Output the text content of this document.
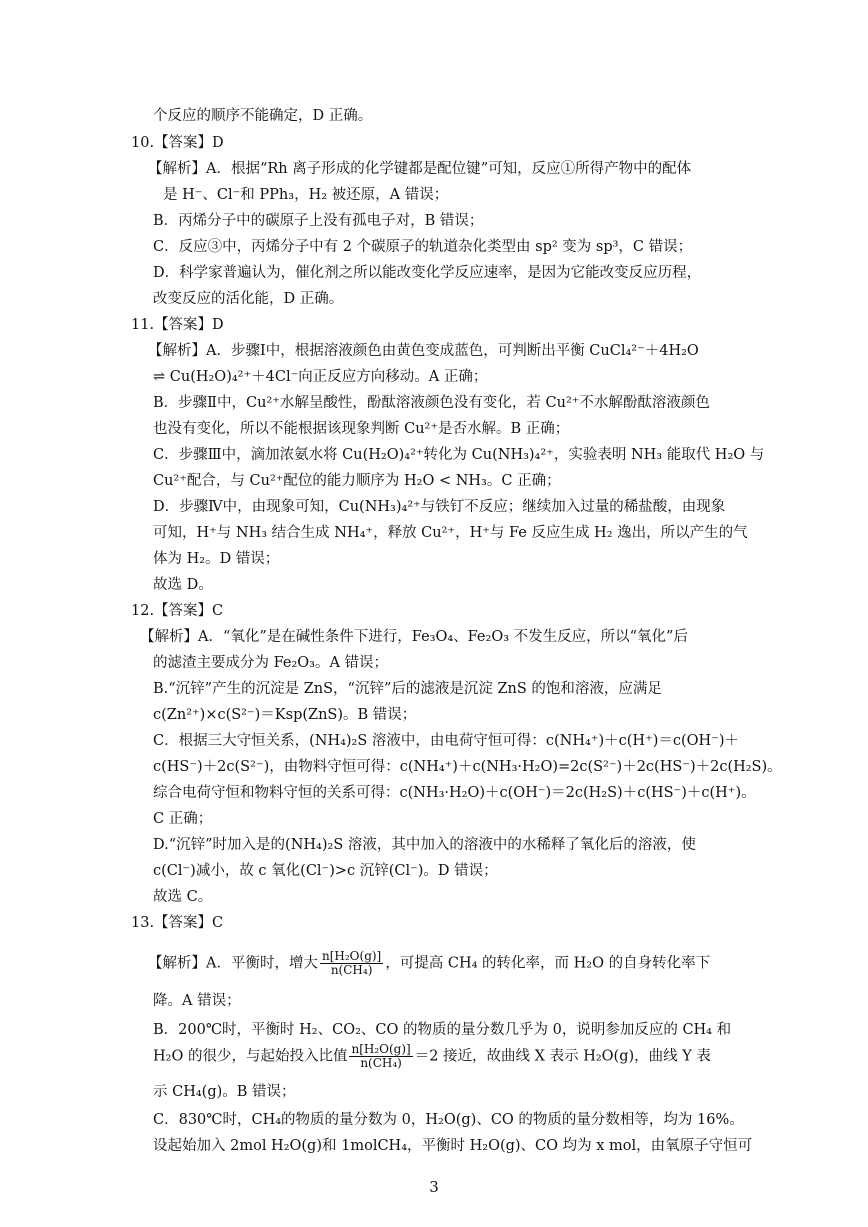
个反应的顺序不能确定，D 正确。
10.【答案】D
【解析】A．根据“Rh 离子形成的化学键都是配位键”可知，反应①所得产物中的配体
是 H⁻、Cl⁻和 PPh₃，H₂ 被还原，A 错误；
B．丙烯分子中的碳原子上没有孤电子对，B 错误；
C．反应③中，丙烯分子中有 2 个碳原子的轨道杂化类型由 sp² 变为 sp³，C 错误；
D．科学家普遍认为，催化剂之所以能改变化学反应速率，是因为它能改变反应历程，
改变反应的活化能，D 正确。
11.【答案】D
【解析】A．步骤Ⅰ中，根据溶液颜色由黄色变成蓝色，可判断出平衡 CuCl₄²⁻＋4H₂O
⇌ Cu(H₂O)₄²⁺＋4Cl⁻向正反应方向移动。A 正确；
B．步骤Ⅱ中，Cu²⁺水解呈酸性，酚酞溶液颜色没有变化，若 Cu²⁺不水解酚酞溶液颜色
也没有变化，所以不能根据该现象判断 Cu²⁺是否水解。B 正确；
C．步骤Ⅲ中，滴加浓氨水将 Cu(H₂O)₄²⁺转化为 Cu(NH₃)₄²⁺，实验表明 NH₃ 能取代 H₂O 与
Cu²⁺配合，与 Cu²⁺配位的能力顺序为 H₂O < NH₃。C 正确；
D．步骤Ⅳ中，由现象可知，Cu(NH₃)₄²⁺与铁钉不反应；继续加入过量的稀盐酸，由现象
可知，H⁺与 NH₃ 结合生成 NH₄⁺，释放 Cu²⁺，H⁺与 Fe 反应生成 H₂ 逸出，所以产生的气
体为 H₂。D 错误；
故选 D。
12.【答案】C
【解析】A．“氧化”是在碱性条件下进行，Fe₃O₄、Fe₂O₃ 不发生反应，所以“氧化”后
的滤渣主要成分为 Fe₂O₃。A 错误；
B.“沉锌”产生的沉淀是 ZnS，“沉锌”后的滤液是沉淀 ZnS 的饱和溶液，应满足
c(Zn²⁺)×c(S²⁻)＝Ksp(ZnS)。B 错误；
C．根据三大守恒关系，(NH₄)₂S 溶液中，由电荷守恒可得：c(NH₄⁺)＋c(H⁺)＝c(OH⁻)＋
c(HS⁻)＋2c(S²⁻)，由物料守恒可得：c(NH₄⁺)＋c(NH₃·H₂O)=2c(S²⁻)＋2c(HS⁻)＋2c(H₂S)。
综合电荷守恒和物料守恒的关系可得：c(NH₃·H₂O)＋c(OH⁻)＝2c(H₂S)＋c(HS⁻)＋c(H⁺)。
C 正确；
D.“沉锌”时加入是的(NH₄)₂S 溶液，其中加入的溶液中的水稀释了氧化后的溶液，使
c(Cl⁻)减小，故 c 氧化(Cl⁻)>c 沉锌(Cl⁻)。D 错误；
故选 C。
13.【答案】C
降。A 错误；
B．200℃时，平衡时 H₂、CO₂、CO 的物质的量分数几乎为 0，说明参加反应的 CH₄ 和
示 CH₄(g)。B 错误；
C．830℃时，CH₄的物质的量分数为 0，H₂O(g)、CO 的物质的量分数相等，均为 16%。
设起始加入 2mol H₂O(g)和 1molCH₄，平衡时 H₂O(g)、CO 均为 x mol，由氧原子守恒可
【解析】A．平衡时，增大 $\frac{\text{n[H₂O(g)]}}{\text{n(CH₄)}}$ ，可提高 CH₄ 的转化率，而 H₂O 的自身转化率下
H₂O 的很少，与起始投入比值 $\frac{\text{n[H₂O(g)]}}{\text{n(CH₄)}} =2$ 接近，故曲线 X 表示 H₂O(g)，曲线 Y 表
3
